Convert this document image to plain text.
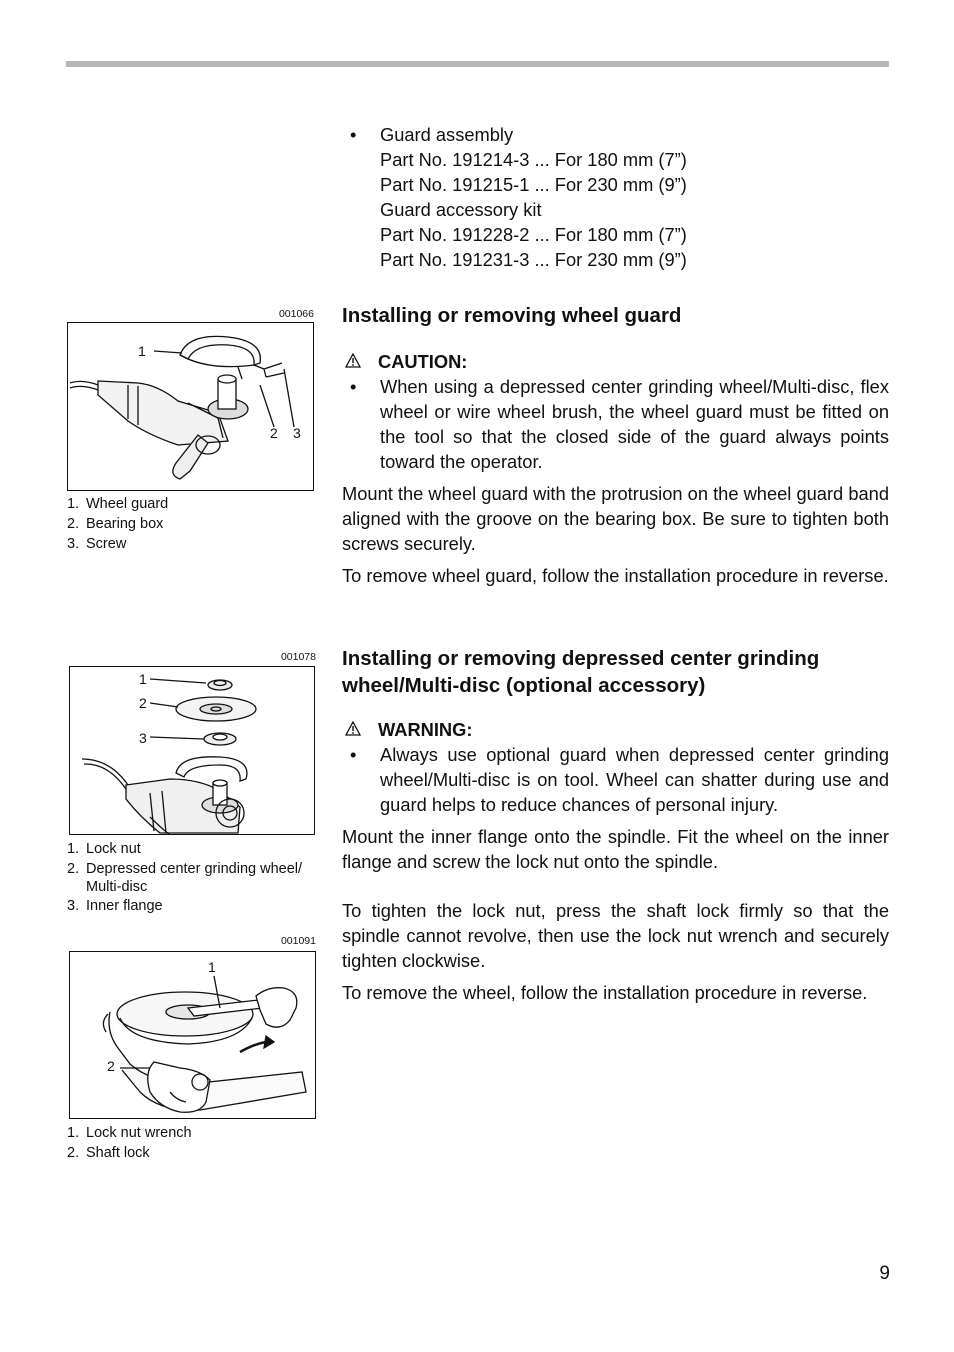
• Guard assembly
Part No. 191214-3 ... For 180 mm (7”)
Part No. 191215-1 ... For 230 mm (9”)
Guard accessory kit
Part No. 191228-2 ... For 180 mm (7”)
Part No. 191231-3 ... For 230 mm (9”)
Installing or removing wheel guard
CAUTION:
• When using a depressed center grinding wheel/Multi-disc, flex wheel or wire wheel brush, the wheel guard must be fitted on the tool so that the closed side of the guard always points toward the operator.

Mount the wheel guard with the protrusion on the wheel guard band aligned with the groove on the bearing box. Be sure to tighten both screws securely.

To remove wheel guard, follow the installation procedure in reverse.

Installing or removing depressed center grinding wheel/Multi-disc (optional accessory)
WARNING:
• Always use optional guard when depressed center grinding wheel/Multi-disc is on tool. Wheel can shatter during use and guard helps to reduce chances of personal injury.

Mount the inner flange onto the spindle. Fit the wheel on the inner flange and screw the lock nut onto the spindle.

To tighten the lock nut, press the shaft lock firmly so that the spindle cannot revolve, then use the lock nut wrench and securely tighten clockwise.

To remove the wheel, follow the installation procedure in reverse.

001066
1
2 3
1. Wheel guard
2. Bearing box
3. Screw
001078
1
2
3
1. Lock nut
2. Depressed center grinding wheel/ Multi-disc
3. Inner flange
001091
1
2
1. Lock nut wrench
2. Shaft lock
9
